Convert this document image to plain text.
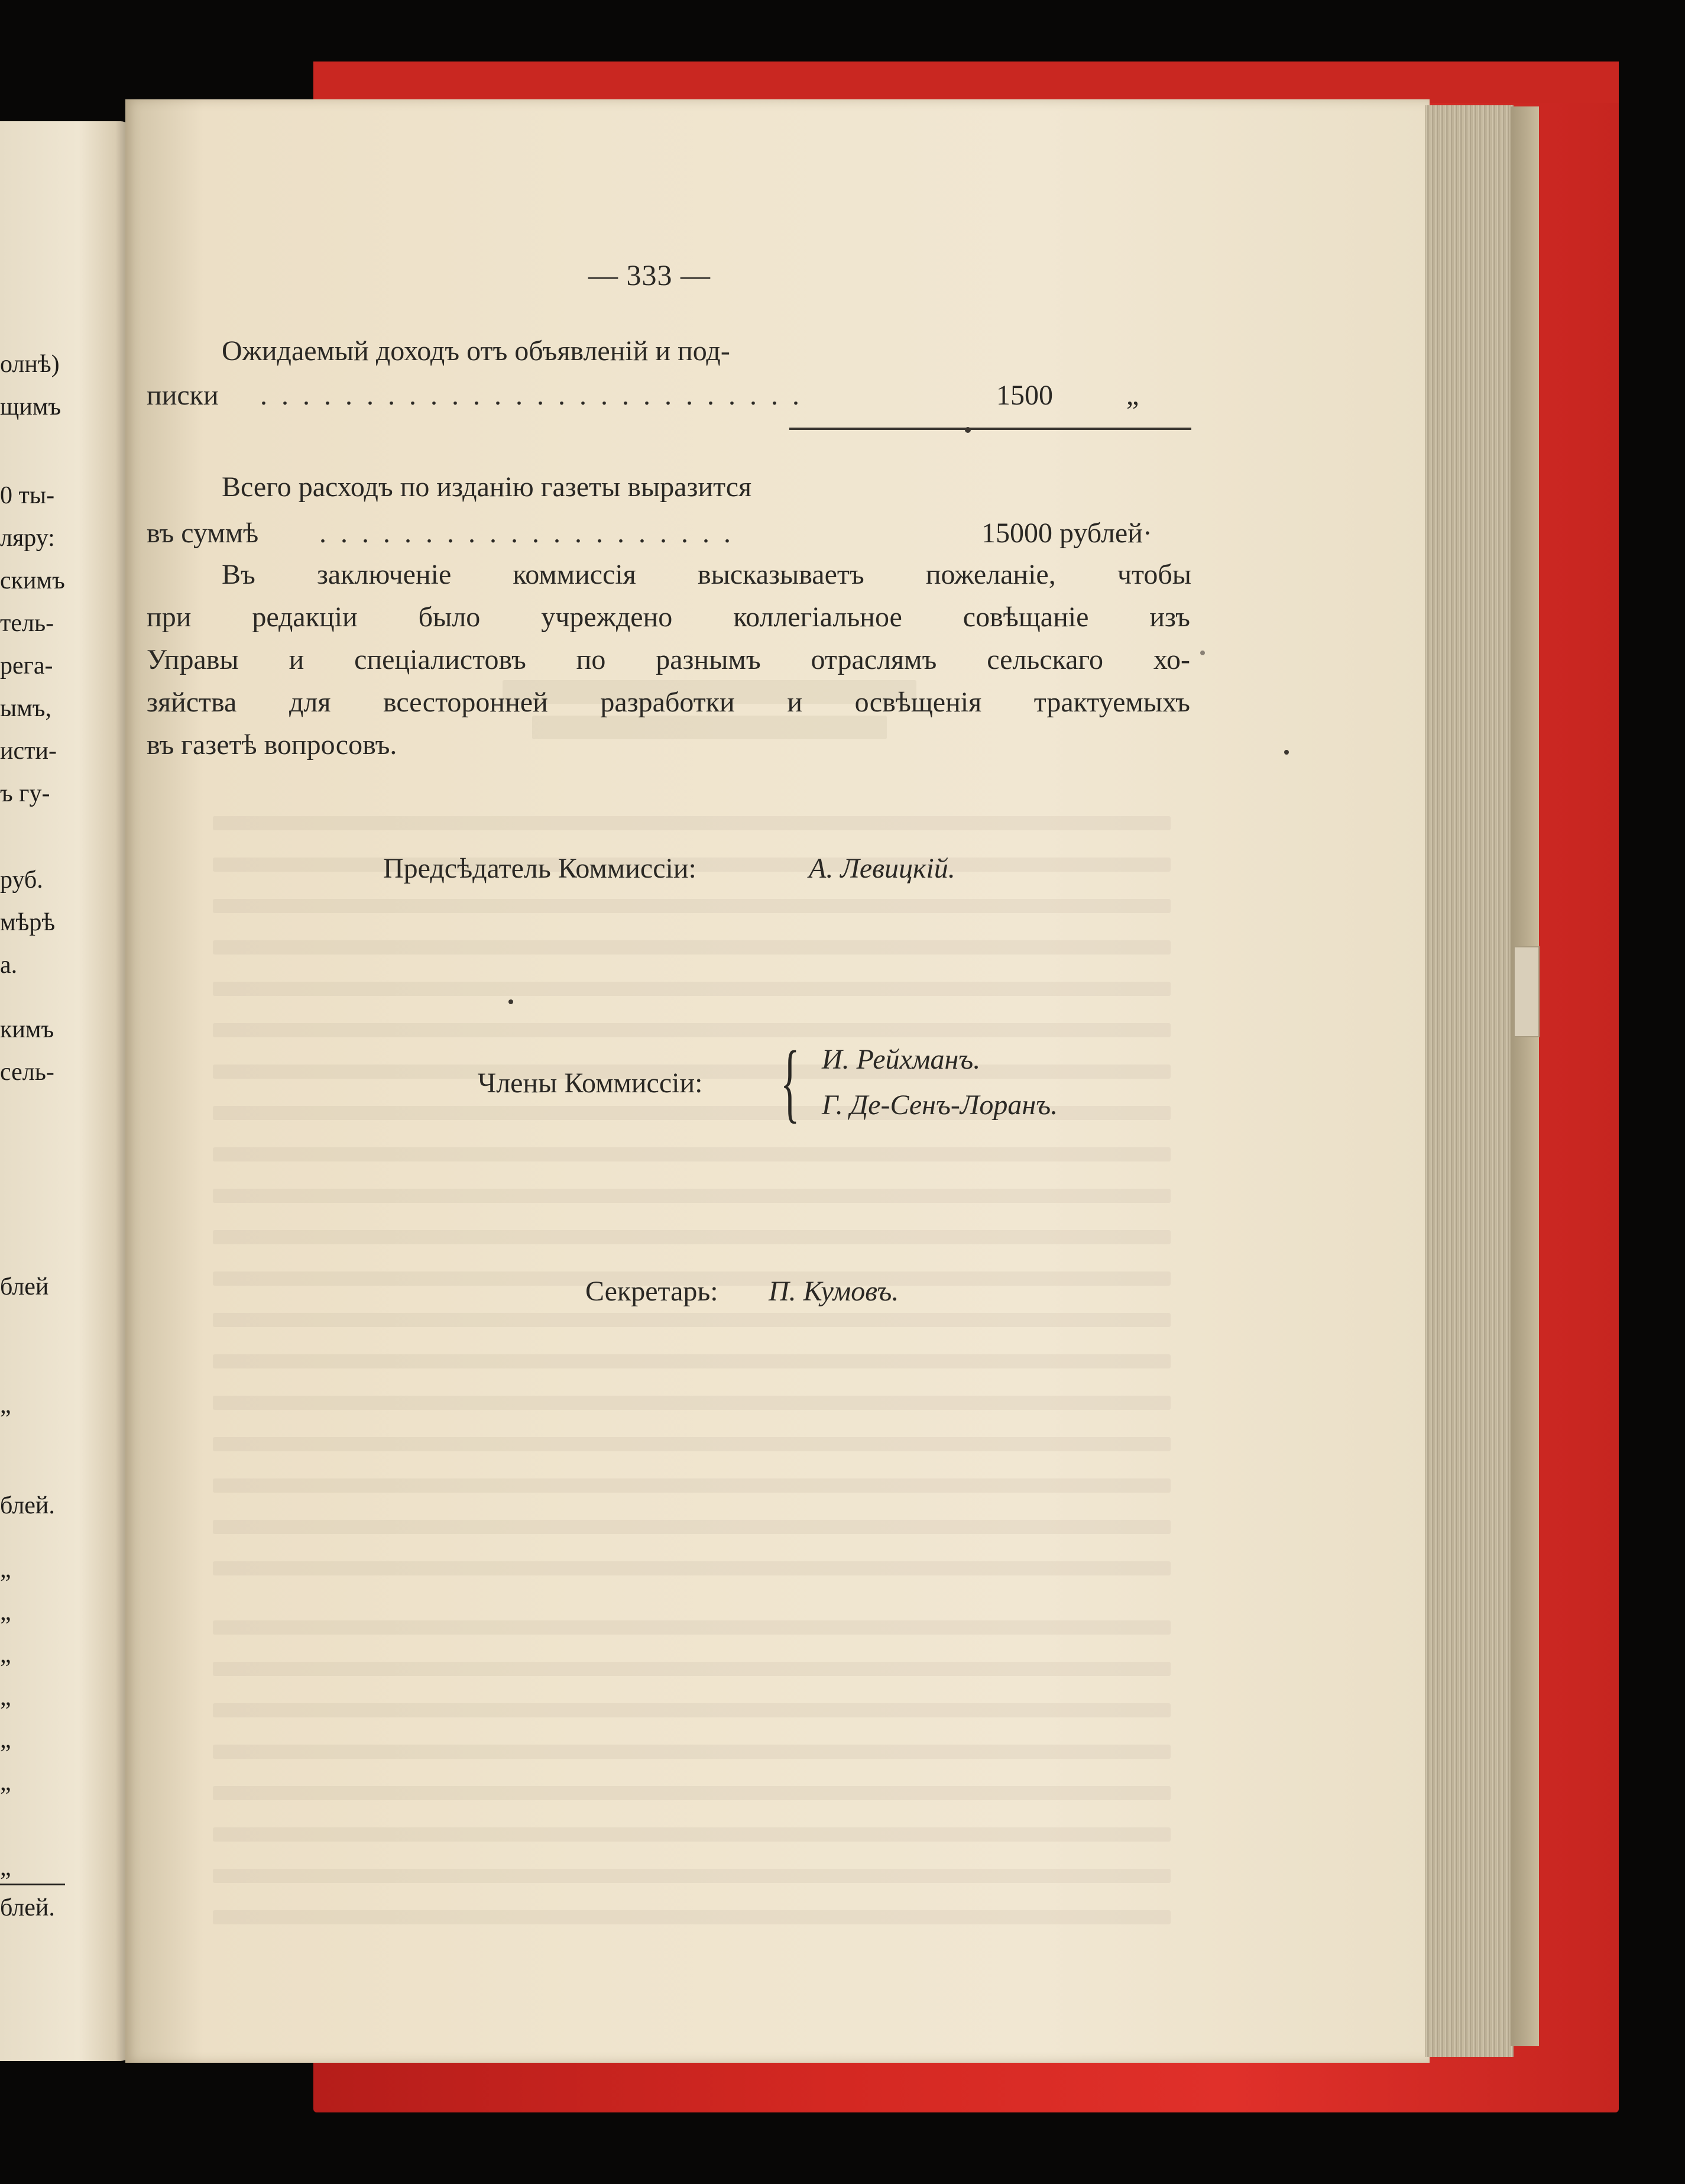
олнѣ)
щимъ
0 ты-
ляру:
скимъ
тель-
рега-
ымъ,
исти-
ъ гу-
руб.
мѣрѣ
а.
кимъ
сель-
блей
„
блей.
„
„
„
„
„
„
„
блей.
— 333 —
Ожидаемый доходъ отъ объявленій и под-
писки . . . . . . . . . . . . . . . . . . . . . . . . . .	1500	„
Всего расходъ по изданію газеты выразится
въ суммѣ . . . . . . . . . . . . . . . . . . . .	15000 рублей·
Въ заключеніе коммиссія высказываетъ пожеланіе, чтобы
при редакціи было учреждено коллегіальное совѣщаніе изъ
Управы и спеціалистовъ по разнымъ отраслямъ сельскаго хо-
зяйства для всесторонней разработки и освѣщенія трактуемыхъ
въ газетѣ вопросовъ.
Предсѣдатель Коммиссіи:	А. Левицкій.
Члены Коммиссіи: { И. Рейхманъ.
Г. Де-Сенъ-Лоранъ.
Секретарь: П. Кумовъ.
